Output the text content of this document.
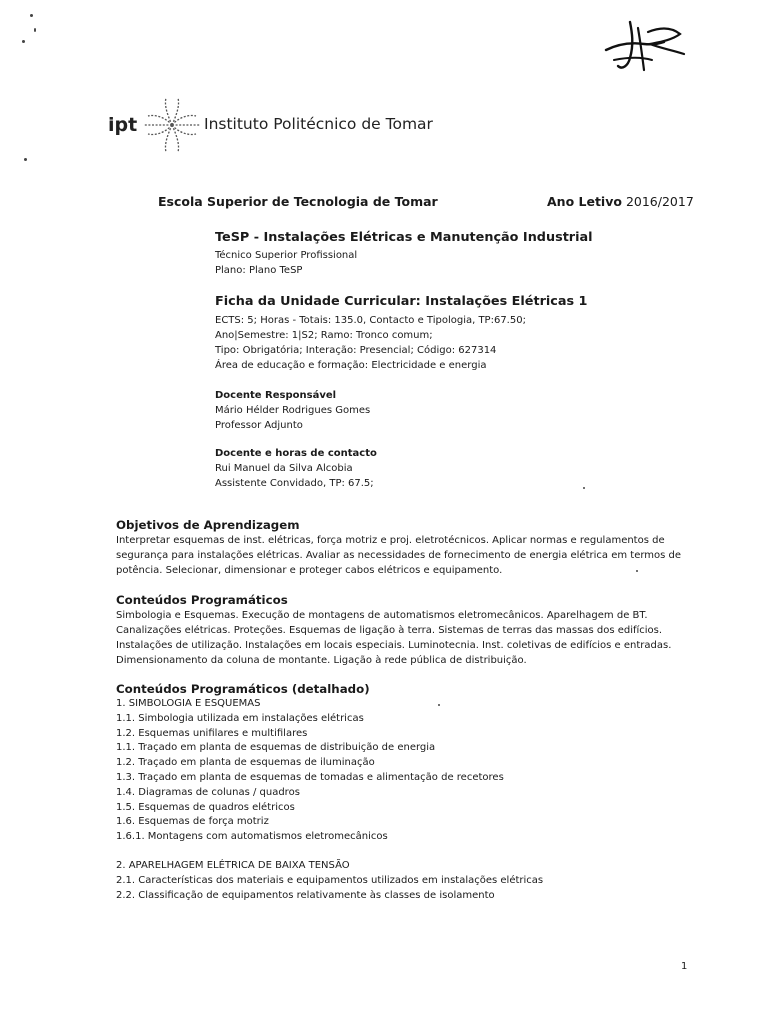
ipt	Instituto Politécnico de Tomar
Escola Superior de Tecnologia de Tomar	Ano Letivo 2016/2017
TeSP - Instalações Elétricas e Manutenção Industrial
Técnico Superior Profissional
Plano: Plano TeSP
Ficha da Unidade Curricular: Instalações Elétricas 1
ECTS: 5; Horas - Totais: 135.0, Contacto e Tipologia, TP:67.50;
Ano|Semestre: 1|S2; Ramo: Tronco comum;
Tipo: Obrigatória; Interação: Presencial; Código: 627314
Área de educação e formação: Electricidade e energia
Docente Responsável
Mário Hélder Rodrigues Gomes
Professor Adjunto
Docente e horas de contacto
Rui Manuel da Silva Alcobia
Assistente Convidado, TP: 67.5;
Objetivos de Aprendizagem
Interpretar esquemas de inst. elétricas, força motriz e proj. eletrotécnicos. Aplicar normas e regulamentos de segurança para instalações elétricas. Avaliar as necessidades de fornecimento de energia elétrica em termos de potência. Selecionar, dimensionar e proteger cabos elétricos e equipamento.
Conteúdos Programáticos
Simbologia e Esquemas. Execução de montagens de automatismos eletromecânicos. Aparelhagem de BT. Canalizações elétricas. Proteções. Esquemas de ligação à terra. Sistemas de terras das massas dos edifícios. Instalações de utilização. Instalações em locais especiais. Luminotecnia. Inst. coletivas de edifícios e entradas. Dimensionamento da coluna de montante. Ligação à rede pública de distribuição.
Conteúdos Programáticos (detalhado)
1. SIMBOLOGIA E ESQUEMAS
1.1. Simbologia utilizada em instalações elétricas
1.2. Esquemas unifilares e multifilares
1.1. Traçado em planta de esquemas de distribuição de energia
1.2. Traçado em planta de esquemas de iluminação
1.3. Traçado em planta de esquemas de tomadas e alimentação de recetores
1.4. Diagramas de colunas / quadros
1.5. Esquemas de quadros elétricos
1.6. Esquemas de força motriz
1.6.1. Montagens com automatismos eletromecânicos
2. APARELHAGEM ELÉTRICA DE BAIXA TENSÃO
2.1. Características dos materiais e equipamentos utilizados em instalações elétricas
2.2. Classificação de equipamentos relativamente às classes de isolamento
1
